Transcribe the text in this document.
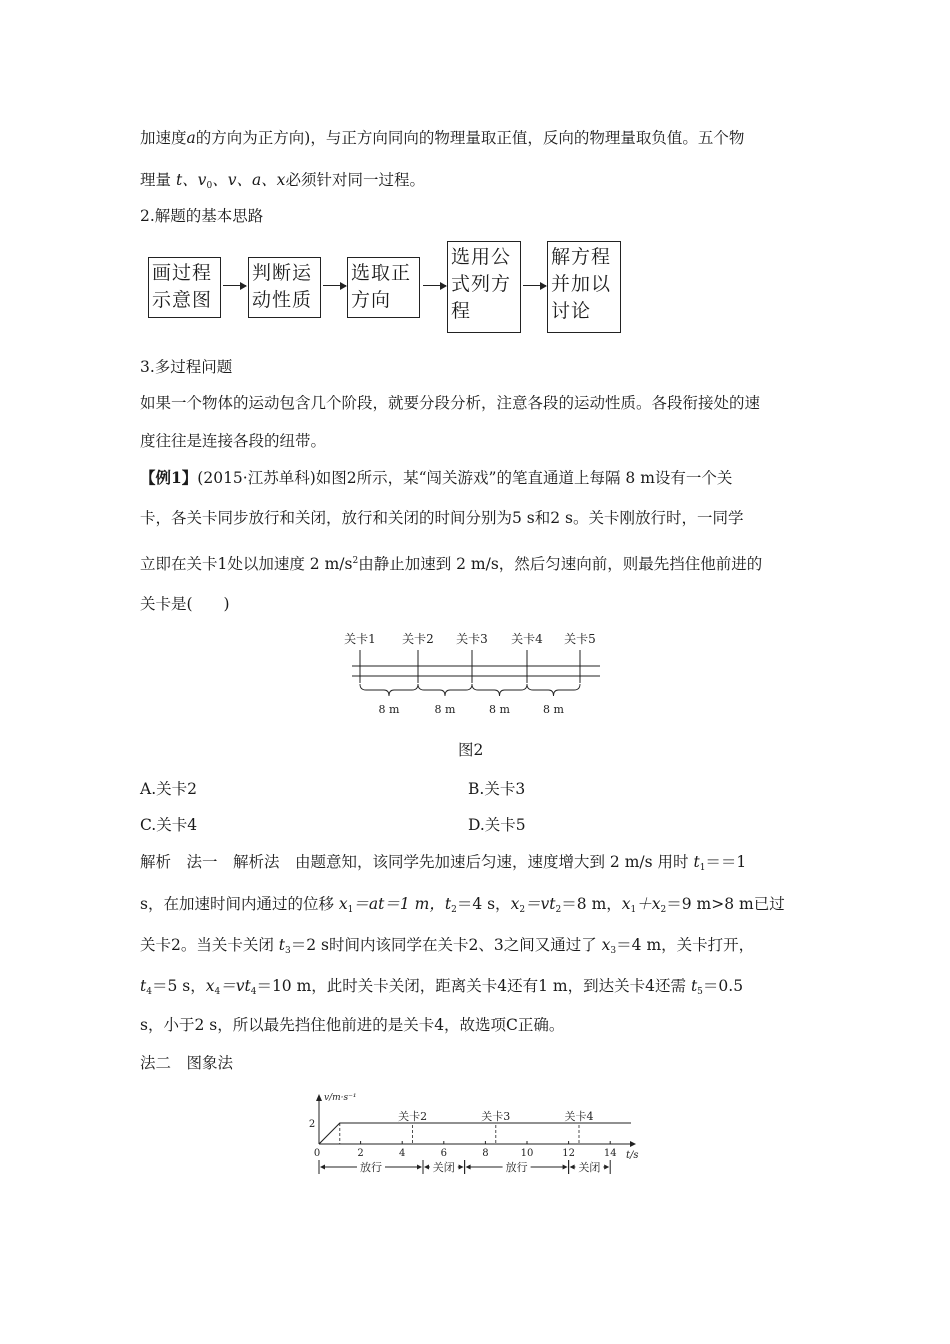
加速度a的方向为正方向)，与正方向同向的物理量取正值，反向的物理量取负值。五个物
理量 t、$v_0$、v、a、x必须针对同一过程。
2.解题的基本思路
画过程
示意图
判断运
动性质
选取正
方向
选用公
式列方
程
解方程
并加以
讨论
3.多过程问题
如果一个物体的运动包含几个阶段，就要分段分析，注意各段的运动性质。各段衔接处的速
度往往是连接各段的纽带。
【例1】(2015·江苏单科)如图2所示，某“闯关游戏”的笔直通道上每隔 8 m设有一个关
卡，各关卡同步放行和关闭，放行和关闭的时间分别为5 s和2 s。关卡刚放行时，一同学
立即在关卡1处以加速度 2 $m/s^2$由静止加速到 2 m/s，然后匀速向前，则最先挡住他前进的
关卡是(　　)
关卡1 关卡2 关卡3 关卡4 关卡5
8 m	8 m	8 m	8 m
图2
A.关卡2	B.关卡3
C.关卡4	D.关卡5
解析　法一　解析法　由题意知，该同学先加速后匀速，速度增大到 2 m/s 用时 $t_1==1$
s，在加速时间内通过的位移 $x_1=at=1$ m，$t_2=4$ s，$x_2=vt_2=8$ m，$x_1+x_2=9$ m>8 m已过
关卡2。当关卡关闭 $t_3=2$ s时间内该同学在关卡2、3之间又通过了 $x_3=4$ m，关卡打开，
$t_4=5$ s，$x_4=vt_4=10$ m，此时关卡关闭，距离关卡4还有1 m，到达关卡4还需 $t_5=0.5$
s，小于2 s，所以最先挡住他前进的是关卡4，故选项C正确。
法二　图象法
v/m·s⁻¹
t/s
2
0	2	4	6	8	10	12	14
关卡2	关卡3	关卡4
放行	关闭	放行	关闭
